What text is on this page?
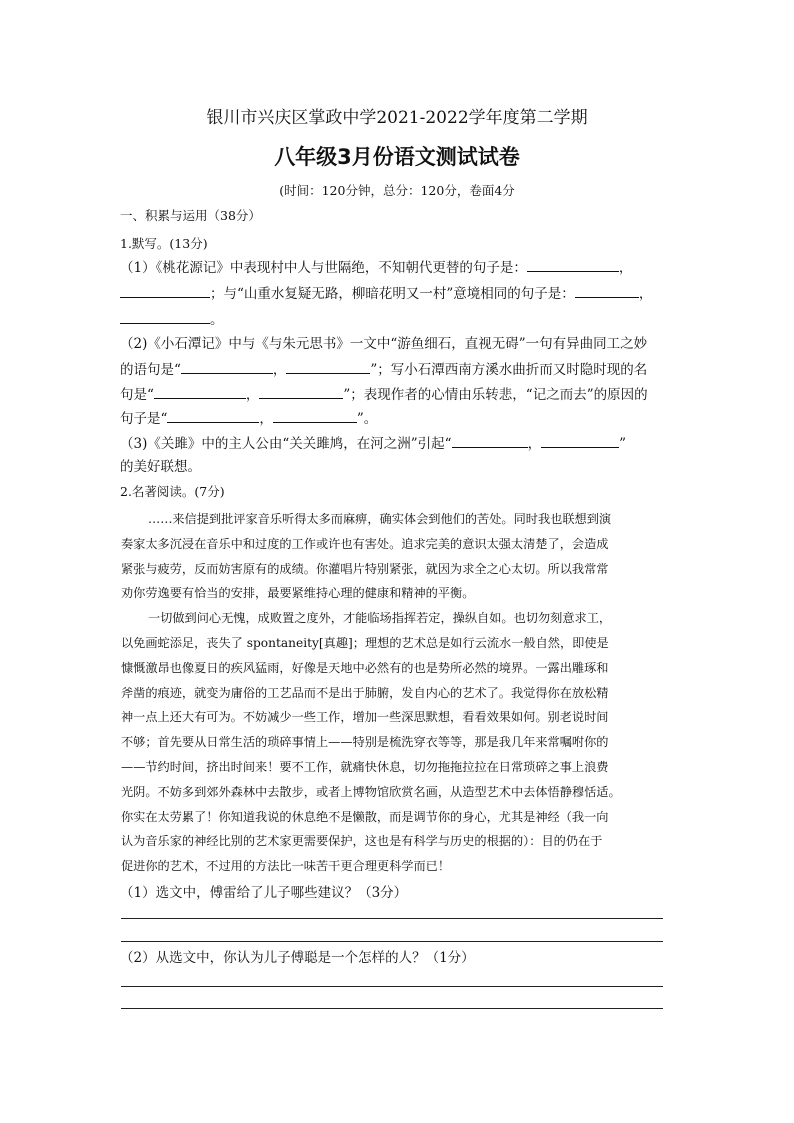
银川市兴庆区掌政中学2021-2022学年度第二学期
八年级3月份语文测试试卷
(时间：120分钟，总分：120分，卷面4分
一、积累与运用（38分）
1.默写。(13分)
（1）《桃花源记》中表现村中人与世隔绝，不知朝代更替的句子是：	，
；与“山重水复疑无路，柳暗花明又一村”意境相同的句子是：	，
。
（2)《小石潭记》中与《与朱元思书》一文中“游鱼细石，直视无碍”一句有异曲同工之妙
的语句是“	，	”；写小石潭西南方溪水曲折而又时隐时现的名
句是“	，	”；表现作者的心情由乐转悲，“记之而去”的原因的
句子是“	，	”。
（3)《关雎》中的主人公由“关关雎鸠，在河之洲”引起“	，	”
的美好联想。
2.名著阅读。(7分)
……来信提到批评家音乐听得太多而麻痹，确实体会到他们的苦处。同时我也联想到演
奏家太多沉浸在音乐中和过度的工作或许也有害处。追求完美的意识太强太清楚了，会造成
紧张与疲劳，反而妨害原有的成绩。你灌唱片特别紧张，就因为求全之心太切。所以我常常
劝你劳逸要有恰当的安排，最要紧维持心理的健康和精神的平衡。
一切做到问心无愧，成败置之度外，才能临场指挥若定，操纵自如。也切勿刻意求工，
以免画蛇添足，丧失了 spontaneity[真趣]；理想的艺术总是如行云流水一般自然，即使是
慷慨激昂也像夏日的疾风猛雨，好像是天地中必然有的也是势所必然的境界。一露出雕琢和
斧凿的痕迹，就变为庸俗的工艺品而不是出于肺腑，发自内心的艺术了。我觉得你在放松精
神一点上还大有可为。不妨减少一些工作，增加一些深思默想，看看效果如何。别老说时间
不够；首先要从日常生活的琐碎事情上——特别是梳洗穿衣等等，那是我几年来常嘱咐你的
——节约时间，挤出时间来！要不工作，就痛快休息，切勿拖拖拉拉在日常琐碎之事上浪费
光阴。不妨多到郊外森林中去散步，或者上博物馆欣赏名画，从造型艺术中去体悟静穆恬适。
你实在太劳累了！你知道我说的休息绝不是懒散，而是调节你的身心，尤其是神经（我一向
认为音乐家的神经比别的艺术家更需要保护，这也是有科学与历史的根据的）：目的仍在于
促进你的艺术，不过用的方法比一味苦干更合理更科学而已！
（1）选文中，傅雷给了儿子哪些建议？（3分）
（2）从选文中，你认为儿子傅聪是一个怎样的人？（1分）
